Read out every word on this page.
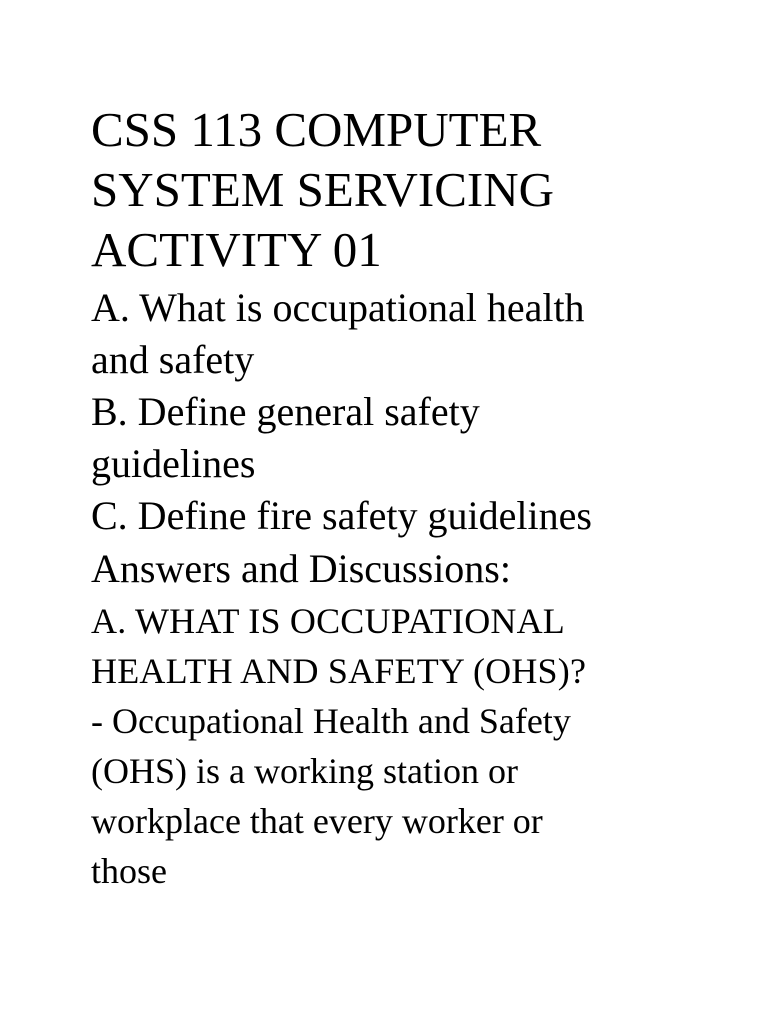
CSS 113 COMPUTER

SYSTEM SERVICING

ACTIVITY 01

A. What is occupational health

and safety

B. Define general safety

guidelines

C. Define fire safety guidelines

Answers and Discussions:

A. WHAT IS OCCUPATIONAL

HEALTH AND SAFETY (OHS)?

- Occupational Health and Safety

(OHS) is a working station or

workplace that every worker or

those
